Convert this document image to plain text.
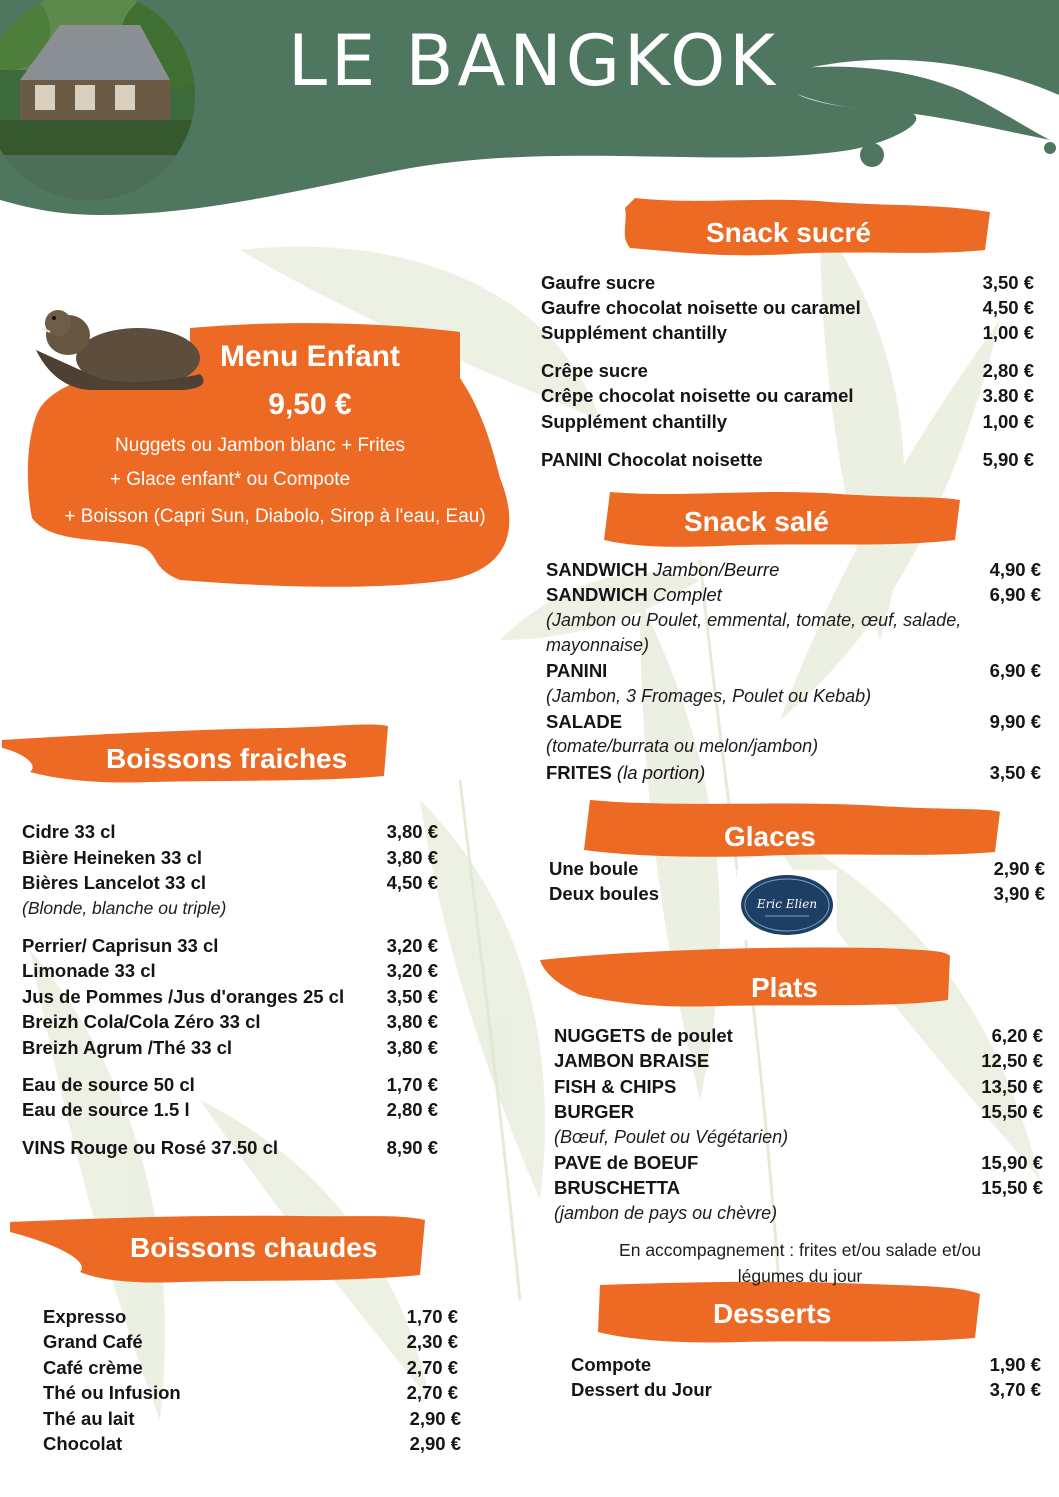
LE BANGKOK
Menu Enfant
9,50 €
Nuggets ou Jambon blanc + Frites
+ Glace enfant* ou Compote
+ Boisson (Capri Sun, Diabolo, Sirop à l'eau, Eau)
Snack sucré
Snack salé
Glaces
Plats
Desserts
Boissons fraiches
Boissons chaudes
Gaufre sucre	3,50 €
Gaufre chocolat noisette ou caramel	4,50 €
Supplément chantilly	1,00 €
Crêpe sucre	2,80 €
Crêpe chocolat noisette ou caramel	3.80 €
Supplément chantilly	1,00 €
PANINI Chocolat noisette	5,90 €
SANDWICH Jambon/Beurre	4,90 €
SANDWICH Complet	6,90 €
(Jambon ou Poulet, emmental, tomate, œuf, salade,
mayonnaise)
PANINI	6,90 €
(Jambon, 3 Fromages, Poulet ou Kebab)
SALADE	9,90 €
(tomate/burrata ou melon/jambon)
FRITES (la portion)	3,50 €
Une boule	2,90 €
Deux boules	3,90 €
Eric Elien
NUGGETS de poulet	6,20 €
JAMBON BRAISE	12,50 €
FISH & CHIPS	13,50 €
BURGER	15,50 €
(Bœuf, Poulet ou Végétarien)
PAVE de BOEUF	15,90 €
BRUSCHETTA	15,50 €
(jambon de pays ou chèvre)
En accompagnement : frites et/ou salade et/ou
légumes du jour
Compote	1,90 €
Dessert du Jour	3,70 €
Cidre 33 cl	3,80 €
Bière Heineken 33 cl	3,80 €
Bières Lancelot 33 cl	4,50 €
(Blonde, blanche ou triple)
Perrier/ Caprisun 33 cl	3,20 €
Limonade 33 cl	3,20 €
Jus de Pommes /Jus d'oranges 25 cl 3,50 €
Breizh Cola/Cola Zéro 33 cl	3,80 €
Breizh Agrum /Thé 33 cl	3,80 €
Eau de source 50 cl	1,70 €
Eau de source 1.5 l	2,80 €
VINS Rouge ou Rosé 37.50 cl	8,90 €
Expresso	1,70 €
Grand Café	2,30 €
Café crème	2,70 €
Thé ou Infusion	2,70 €
Thé au lait	2,90 €
Chocolat	2,90 €
